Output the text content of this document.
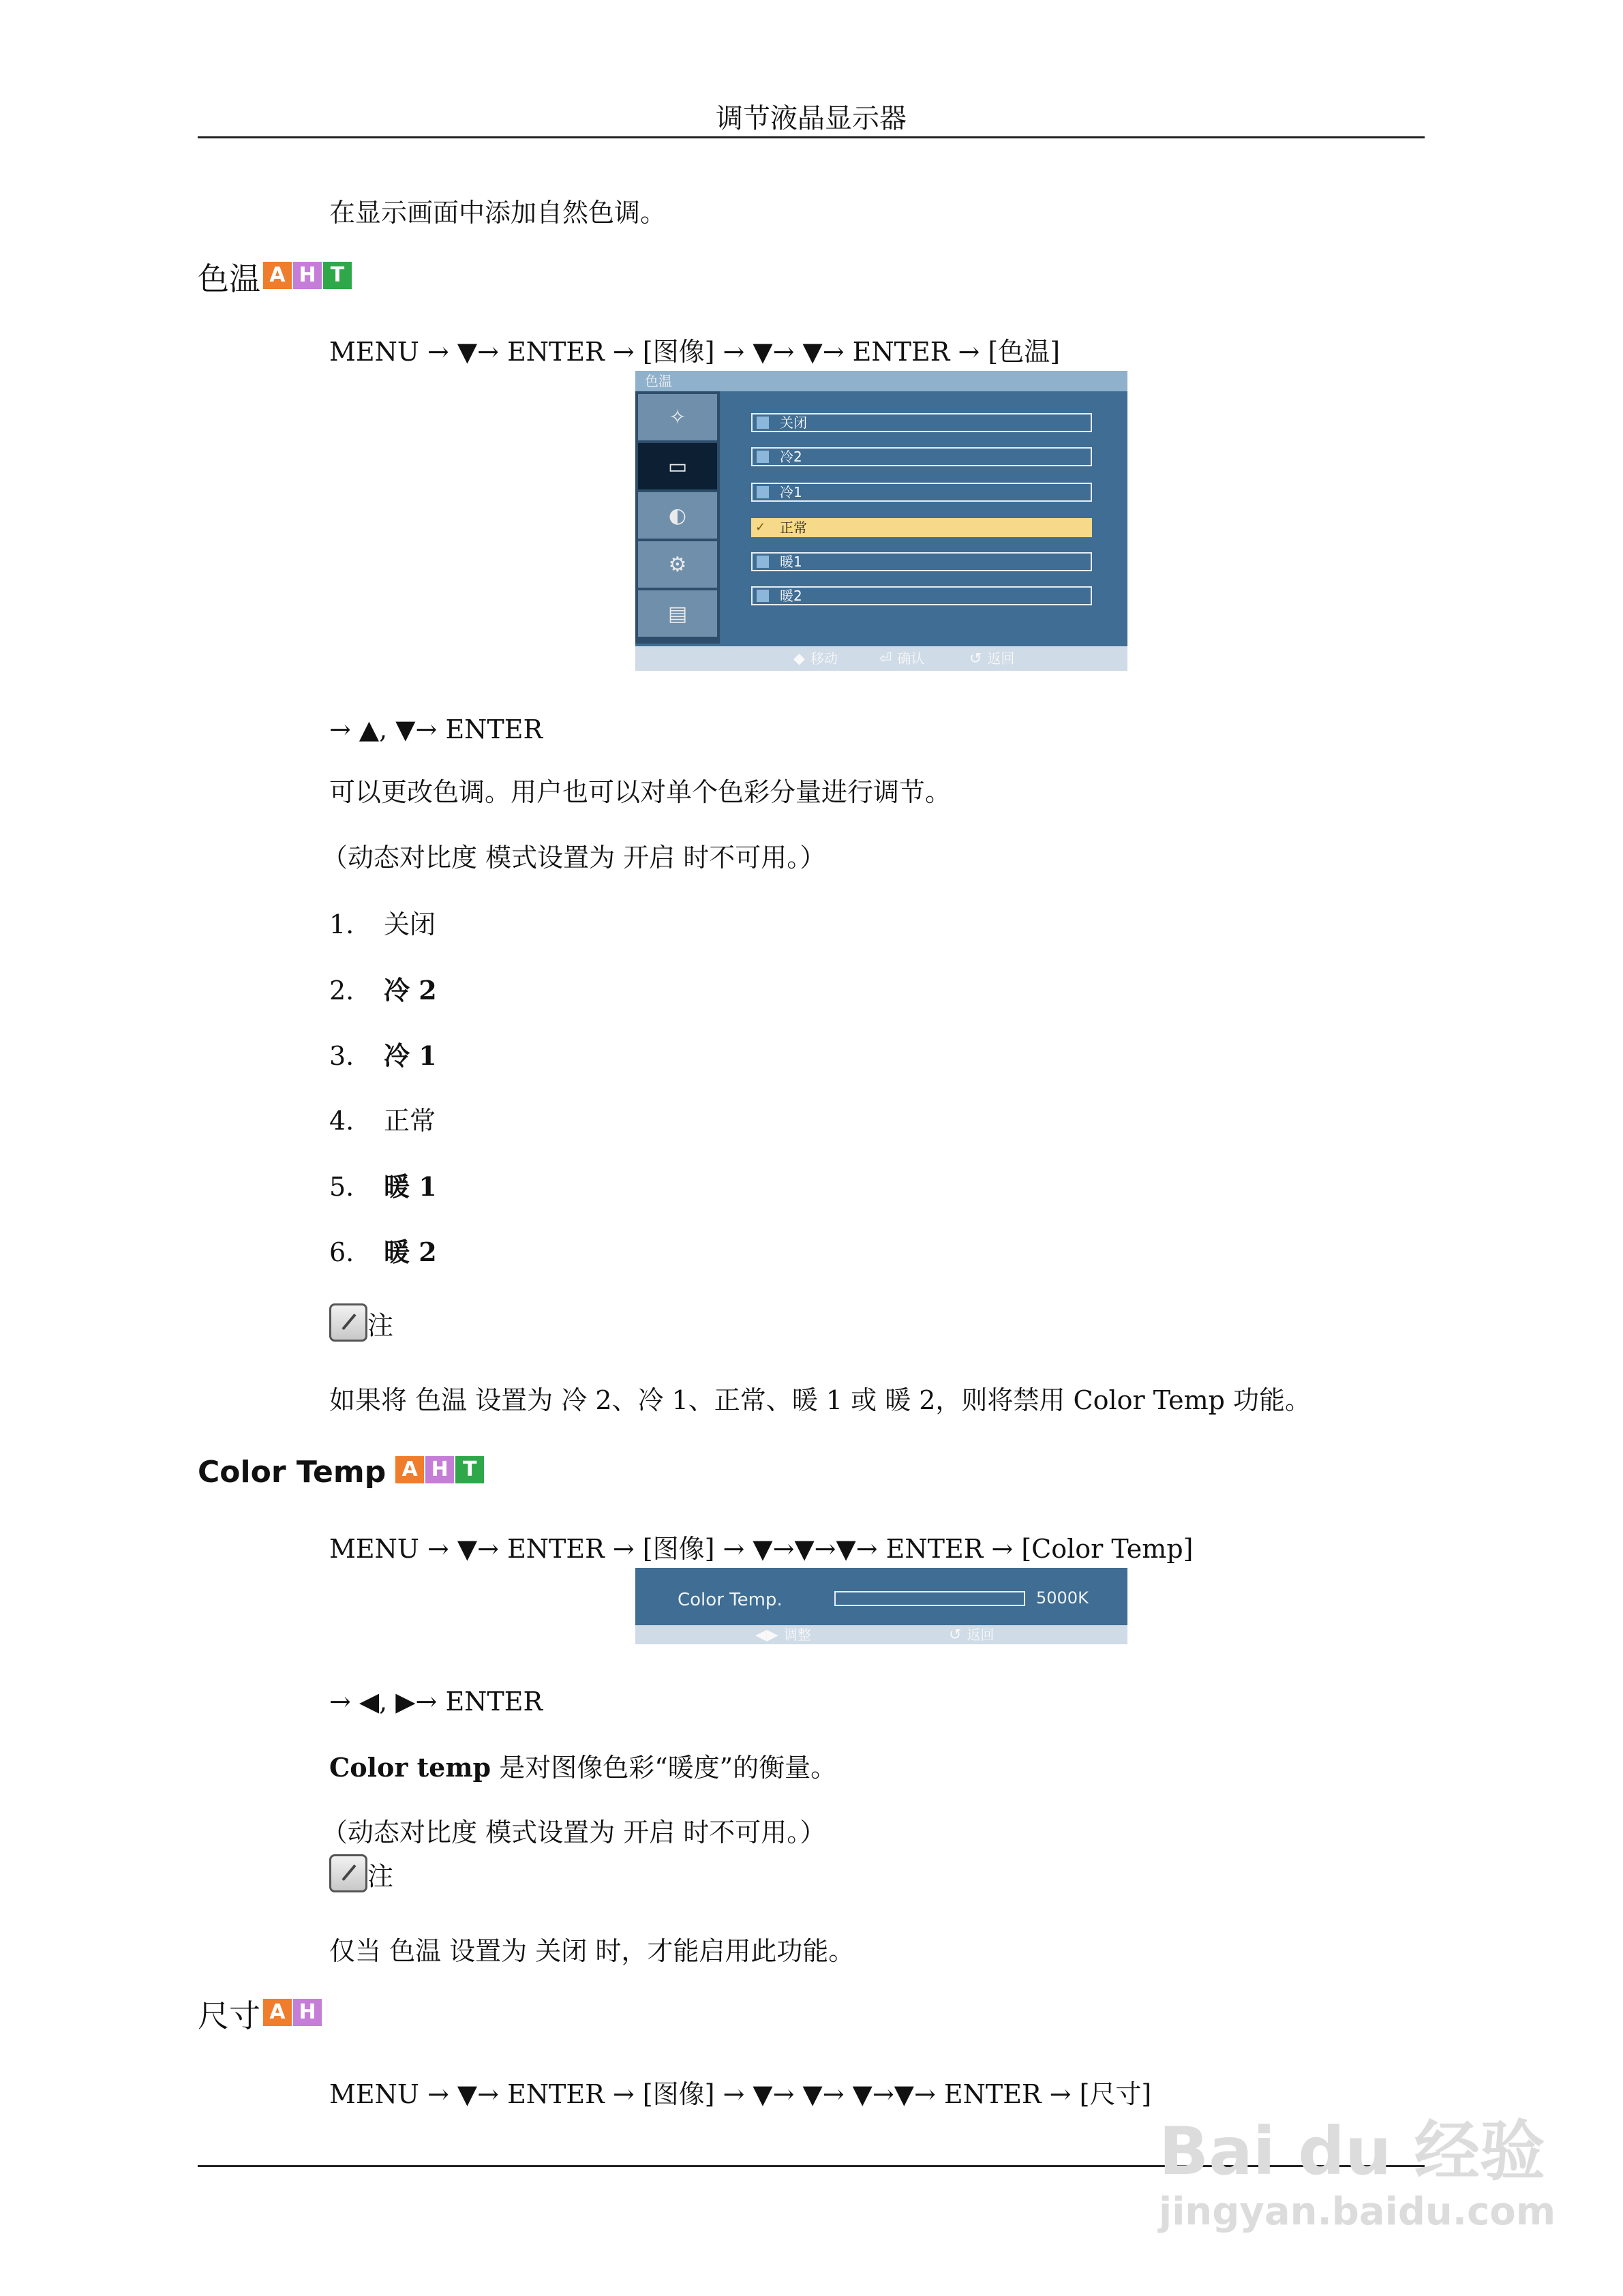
调节液晶显示器
在显示画面中添加自然色调。
色温 A H T
MENU → ▼→ ENTER → [图像] → ▼→ ▼→ ENTER → [色温]
色温
✧
▭
◐
⚙
▤
关闭
冷2
冷1
✓ 正常
暖1
暖2
◆ 移动	⏎ 确认	↺ 返回
→ ▲, ▼→ ENTER
可以更改色调。用户也可以对单个色彩分量进行调节。
（动态对比度 模式设置为 开启 时不可用。）
1. 关闭
2. 冷 2
3. 冷 1
4. 正常
5. 暖 1
6. 暖 2
注
如果将 色温 设置为 冷 2、冷 1、正常、暖 1 或 暖 2，则将禁用 Color Temp 功能。
Color Temp A H T
MENU → ▼→ ENTER → [图像] → ▼→▼→▼→ ENTER → [Color Temp]
Color Temp.	5000K
◀▶ 调整	↺ 返回
→ ◀, ▶→ ENTER
Color temp 是对图像色彩“暖度”的衡量。
（动态对比度 模式设置为 开启 时不可用。）
注
仅当 色温 设置为 关闭 时，才能启用此功能。
尺寸 A H
MENU → ▼→ ENTER → [图像] → ▼→ ▼→ ▼→▼→ ENTER → [尺寸]
Bai du 经验
jingyan.baidu.com
